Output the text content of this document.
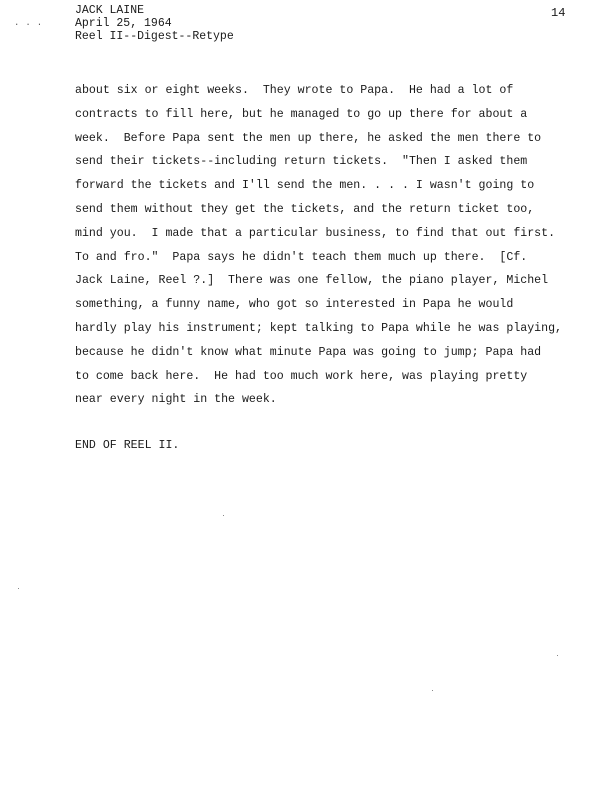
···
JACK LAINE
April 25, 1964
Reel II--Digest--Retype
14
about six or eight weeks.  They wrote to Papa.  He had a lot of
contracts to fill here, but he managed to go up there for about a
week.  Before Papa sent the men up there, he asked the men there to
send their tickets--including return tickets.  "Then I asked them
forward the tickets and I'll send the men. . . . I wasn't going to
send them without they get the tickets, and the return ticket too,
mind you.  I made that a particular business, to find that out first.
To and fro."  Papa says he didn't teach them much up there.  [Cf.
Jack Laine, Reel ?.]  There was one fellow, the piano player, Michel
something, a funny name, who got so interested in Papa he would
hardly play his instrument; kept talking to Papa while he was playing,
because he didn't know what minute Papa was going to jump; Papa had
to come back here.  He had too much work here, was playing pretty
near every night in the week.
END OF REEL II.
